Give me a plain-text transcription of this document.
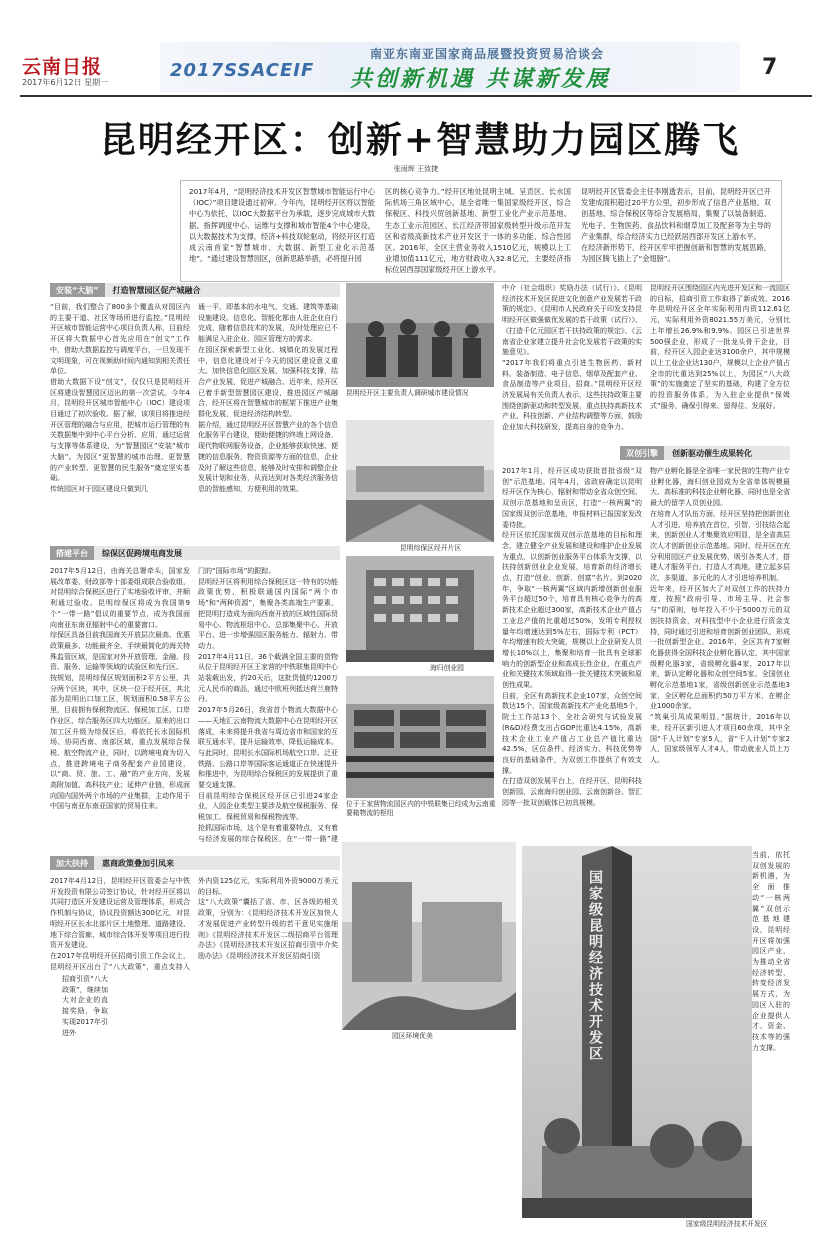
云南日报
2017年6月12日 星期一
2017SSACEIF
南亚东南亚国家商品展暨投资贸易洽谈会
共创新机遇 共谋新发展	7
昆明经开区：创新+智慧助力园区腾飞
张雨辉 王致捷
2017年4月，“昆明经济技术开发区智慧城市智能运行中心（IOC）”项目建设通过初审。今年内，昆明经开区将以智能中心为依托，以IOC大数据平台为承载，逐步完成城市大数据、指挥调度中心、运维与支撑和城市智能4个中心建设，以大数据技术为支撑，经济+科技双轮驱动，将经开区打造成云南首家“智慧城市、大数据、新型工业化示范基地”。“通过建设智慧园区，创新思路举措，必将提升园
区的核心竞争力。”经开区地处昆明主城、呈贡区、长水国际机场三角区域中心，是全省唯一集国家级经开区、综合保税区、科技兴贸创新基地、新型工业化产业示范基地、生态工业示范园区、长江经济带国家级转型升级示范开发区和省级高新技术产业开发区于一体的多功能、综合性园区。2016年，全区主营业务收入1510亿元，规模以上工业增加值111亿元，地方财政收入32.8亿元，主要经济指标位居西部国家级经开区上游水平。
昆明经开区管委会主任李刚透表示，目前，昆明经开区已开发建成面积超过20平方公里，初步形成了信息产业基地、双创基地、综合保税区等综合发展格局，集聚了以装备制造、光电子、生物医药、食品饮料和烟草加工及配套等为主导的产业集群，综合经济实力已经跃居西部开发区上游水平。
在经济新形势下，经开区牢牢把握创新和智慧的发展思路，为园区腾飞插上了“金翅膀”。
安装“大脑”	打造智慧园区促产城融合
“目前，我们整合了800多个覆盖从对园区内的主要干道、社区等场所进行监控。”昆明经开区城市智能运营中心项目负责人称，目前经开区将大数据中心首先应用在“创文”工作中，借助大数据监控与调度平台，一旦发现不文明现象，可在视频助时间内通知到相关责任单位。
借助大数据下设“创文”，仅仅只是昆明经开区将建设智慧园区迈出的第一次尝试。今年4月，昆明经开区城市智能中心（IOC）建设项目通过了初次验收。据了解，该项目将推进经开区管理的融合与应用，把城市运行管理的有关数据集中到中心平台分析、应用，通过运营与支撑等体系建设，为“智慧园区”安装“城市大脑”。为园区“更智慧的城市治理、更智慧的产业转型、更智慧的民生服务”奠定坚实基础。
传统园区对于园区建设只做到几
通一平，即基本的水电气、交通、建筑等基础设施建设。信息化、智能化都由人驻企业自行完成，随着信息技术的发展，及时处理应已不能满足入驻企业、园区管理方的需求。
在园区探索新型工业化、城镇化的发展过程中，信息化建设对于今天的园区建设意义重大。加快信息化园区发展，加强科技支撑，结合产业发展，促进产城融合。近年来，经开区已着手新型智慧园区建设，推进园区产城融合，经开区将在智慧城市的框架下推进产业集群化发展，促进经济结构转型。
据介绍，通过昆明经开区智慧产业的各个信息化服务平台建设，便助便捷的终端上网设备，现代物联网服务设备，企业能够获取快速、便捷的信息服务，物资资源等方面的信息，企业及时了解这些信息，能够及时安排和调整企业发展计划和业务，从而达到对各类经济服务信息的智能感知，方便利用的效果。
搭建平台	综保区促跨境电商发展
2017年5月12日，由海关总署牵头，国家发展改革委、财政部等十部委组成联合验收组，对昆明综合保税区进行了实地验收评审，并顺利通过验收。昆明综保区将成为我国第9个“一带一路”倡议的重要节点，成为我国面向南亚东南亚辐射中心的重要窗口。
综保区具备目前我国海关开放层次最高、优惠政策最多、功能最齐全、手续最简化的海关特殊监管区域，是国家对外开放管理、金融、投资、服务、运输等领域的试验区和先行区。
按规划，昆明综保区规划面积2平方公里，共分两个区块，其中，区块一位于经开区，其北部为昆明出口加工区，规划面积0.58平方公里，目前拥有保税物流区、保税加工区、口岸作业区、综合服务区四大功能区。原来的出口加工区升级为综保区后，将依托长水国际机场、协同西南、南部区域，重点发展综合保税、航空物流产业，同时，以跨境电商为切入点，推进跨境电子商务配套产业园建设，以“商、贸、旅、工、融”的产业方向，发展高附加值、高科技产业；延伸产业链，形成面向国内国外两个市场的产业集群，主动作用于中国与南亚东南亚国家的贸易往来。
门的“国际市场”的跟踪。
昆明经开区将利用综合保税区这一特有的功能政策优势，积极联通国内国际“两个市场”和“两种资源”，集聚各类高端生产要素，把昆明打造成为面向西南开放的区域性国际贸易中心、物流枢纽中心、总部集聚中心、开放平台、进一步增强园区服务能力、辐射力、带动力。
2017年4月11日，36个载满全国主要的货物从位于昆明经开区王家营的中铁联集昆明中心站装载出发，约20天后，这批货值约1200万元人民币的商品，通过中欧班列抵达荷兰鹿特丹。
2017年5月26日，我省首个物流大数据中心——天地汇云南物流大数据中心在昆明经开区落成，未来将提升我省与周边省市和国家的互联互通水平，提升运输效率，降低运输成本。
与此同时，昆明长水国际机场航空口岸、泛亚铁路、公路口岸等国际客运通道正在快速提升和推进中，为昆明综合保税区的发展提供了重要交通支撑。
目前昆明综合保税区经开区已引进24家企业，入园企业类型主要涉及航空保税服务、保税加工、保税贸易和保税物流等。
抢抓国际市场，这个是有着重要特点，又有着与经济发展的综合保税区，在“一带一路”建
加大扶持	惠商政策叠加引凤来
2017年4月12日，昆明经开区管委会与中铁开发投资有限公司签订协议，针对经开区将以共同打造区开发建设运营及管理体系，形成合作机制与协议，协议投资额达300亿元，对昆明经开区长水北部片区土地整理、道路建设、地下综合管廊、城市综合体开发等项目进行投资开发建设。
在2017年昆明经开区招商引资工作会议上，昆明经开区出台了“八大政策”，重点支持入
招商引资“八大政策”，继续加大对企业的直接奖励，争取实现2017年引进外
外内资125亿元，实际利用外资9000万美元的目标。
这“八大政策”囊括了省、市、区各级的相关政策，分别为：《昆明经济技术开发区加快人才发展促进产业转型升级的若干意见实施细则》《昆明经济技术开发区二级招商平台管理办法》《昆明经济技术开发区招商引资中介奖励办法》《昆明经济技术开发区招商引资
昆明经开区主要负责人调研城市建设情况
昆明综保区经开片区
海归创业园
位于王家营物流园区内的中铁联集已经成为云南重要箱物流的枢纽
中介（社会组织）奖励办法（试行）》、《昆明经济技术开发区促进文化创意产业发展若干政策的规定》、《昆明市人民政府关于印发支持昆明经开区做强做优发展的若干政策（试行）》、《打造千亿元园区若干扶持政策的规定》、《云南省企业家建立提升社会化发展若干政策的实施意见》。
“2017年我们将重点引进生物医药、新材料、装备制造、电子信息、烟草及配套产业、食品制造等产业项目，招商。”昆明经开区经济发展局有关负责人表示，这些扶持政策主要围绕创新驱动和转型发展，重点扶持高新技术产业、科技创新、产业结构调整等方面，鼓励企业加大科技研发，提高自身的竞争力。
昆明经开区围绕园区内光进开发区和一流园区的目标，招商引资工作取得了新成效。2016年昆明经开区全年实际利用内资112.61亿元，实际利用外资8021.55万美元，分别比上年增长26.9%和9.9%。园区已引进世界500强企业，形成了一批龙头骨干企业，目前，经开区入园企业达3100余户，其中规模以上工业企业达130户，规模以上企业产值占全市的比重达到25%以上，为园区“八大政策”的实施奠定了坚实的基础，构建了全方位的投资服务体系，为入驻企业提供“保姆式”服务，确保引得来、留得住、发展好。
双创引擎	创新驱动催生成果转化
2017年1月，经开区成功获批首批省级“双创”示范基地。同年4月，省政府确定以昆明经开区作为核心，辐射和带动全省众创空间、双创示范基地和呈贡区，打造“一核两翼”的国家级双创示范基地，申报材料已报国家发改委待批。
经开区依托国家级双创示范基地的目标和理念，建立健全产业发展和建设和维护企业发展为重点，以创新创业服务平台体系为支撑，以扶持创新创业企业发展，培育新的经济增长点，打造“创业、创新、创富”名片。到2020年，争取“一核两翼”区域内新增创新创业服务平台超过50个，培育具有核心竞争力的高新技术企业超过300家，高新技术企业产值占工业总产值的比重超过50%，发明专利授权量年均增速达到5%左右，国际专利（PCT）年均增速有较大突破，规模以上企业研发人员增长10%以上，集聚和培育一批具有全球影响力的创新型企业和高成长性企业，在重点产业和关键技术领域取得一批关键技术突破和原创性成果。
目前，全区有高新技术企业107家，众创空间数达15个，国家级高新技术产业化基地5个，院士工作站13个，全社会研究与试验发展(R&D)经费支出占GDP比重达4.15%，高新技术企业工业产值占工业总产值比重达42.5%，区位条件、经济实力、科技优势等良好的基础条件，为双创工作提供了有效支撑。
在打造双创发展平台上，在经开区，昆明科技创新园、云南海归创业园、云南创新谷、智汇园等一批双创载体已初具规模。
物产业孵化器是全省唯一家民营的生物产业专业孵化器，海归创业园成为全省单体规模最大、高标准的科技企业孵化器，同时也是全省最大的留学人员创业园。
在培育人才队伍方面，经开区坚持把创新创业人才引进、培养放在首位，引智、引技结合起来，创新创业人才集聚效应明显，是全省高层次人才创新创业示范基地。同时，经开区在充分利用园区产业发展优势，吸引各类人才，搭建人才服务平台，打造人才高地，建立起多层次、多渠道、多元化的人才引进培养机制。
近年来，经开区加大了对双创工作的扶持力度，按照“政府引导、市场主导、社会参与”的原则，每年投入不少于5000万元的双创扶持资金，对科技型中小企业进行资金支持，同时通过引进和培育创新创业团队，形成一批创新型企业。2016年，全区共有7家孵化器获得全国科技企业孵化器认定，其中国家级孵化器3家，省级孵化器4家，2017年以来，新认定孵化器和众创空间5家。全国创业孵化示范基地1家，省级创新创业示范基地3家，全区孵化总面积约50万平方米，在孵企业1000余家。
“筑巢引凤成果明显，”据统计，2016年以来，经开区新引进人才项目60余项，其中全国“千人计划”专家5人，省“千人计划”专家2人，国家级领军人才4人，带动就业人员上万人。
当前，依托双创发展的新机遇，为全面推动“一核两翼”双创示范基地建设，昆明经开区将加强园区产业，为推动全省经济转型，转变经济发展方式，为园区入驻的企业提供人才、资金、技术等的强力支撑。
园区环境优美	国家级昆明经济技术开发区
国家级昆明经济技术开发区
